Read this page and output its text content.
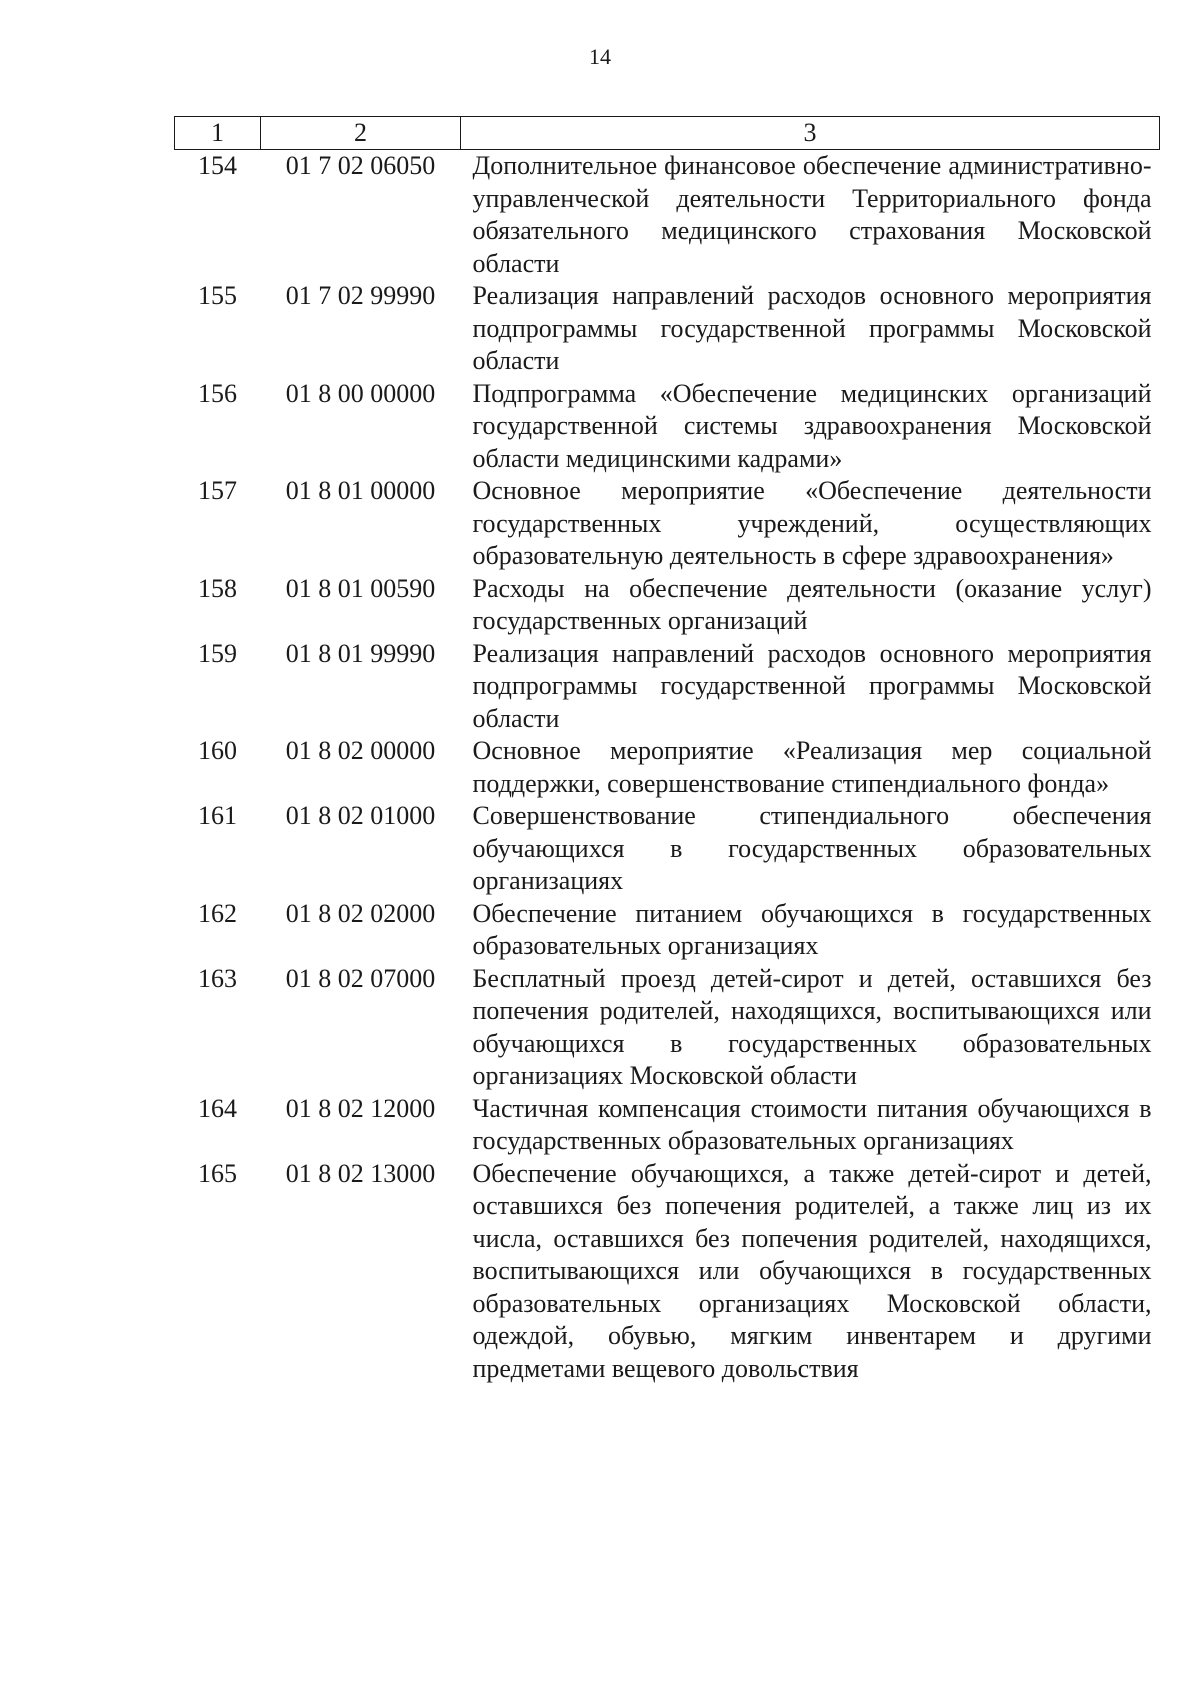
14
1	2	3
154	01 7 02 06050	Дополнительное финансовое обеспечение административно-управленческой деятельности Территориального фонда обязательного медицинского страхования Московской области
155	01 7 02 99990	Реализация направлений расходов основного мероприятия подпрограммы государственной программы Московской области
156	01 8 00 00000	Подпрограмма «Обеспечение медицинских организаций государственной системы здравоохранения Московской области медицинскими кадрами»
157	01 8 01 00000	Основное мероприятие «Обеспечение деятельности государственных учреждений, осуществляющих образовательную деятельность в сфере здравоохранения»
158	01 8 01 00590	Расходы на обеспечение деятельности (оказание услуг) государственных организаций
159	01 8 01 99990	Реализация направлений расходов основного мероприятия подпрограммы государственной программы Московской области
160	01 8 02 00000	Основное мероприятие «Реализация мер социальной поддержки, совершенствование стипендиального фонда»
161	01 8 02 01000	Совершенствование стипендиального обеспечения обучающихся в государственных образовательных организациях
162	01 8 02 02000	Обеспечение питанием обучающихся в государственных образовательных организациях
163	01 8 02 07000	Бесплатный проезд детей-сирот и детей, оставшихся без попечения родителей, находящихся, воспитывающихся или обучающихся в государственных образовательных организациях Московской области
164	01 8 02 12000	Частичная компенсация стоимости питания обучающихся в государственных образовательных организациях
165	01 8 02 13000	Обеспечение обучающихся, а также детей-сирот и детей, оставшихся без попечения родителей, а также лиц из их числа, оставшихся без попечения родителей, находящихся, воспитывающихся или обучающихся в государственных образовательных организациях Московской области, одеждой, обувью, мягким инвентарем и другими предметами вещевого довольствия
